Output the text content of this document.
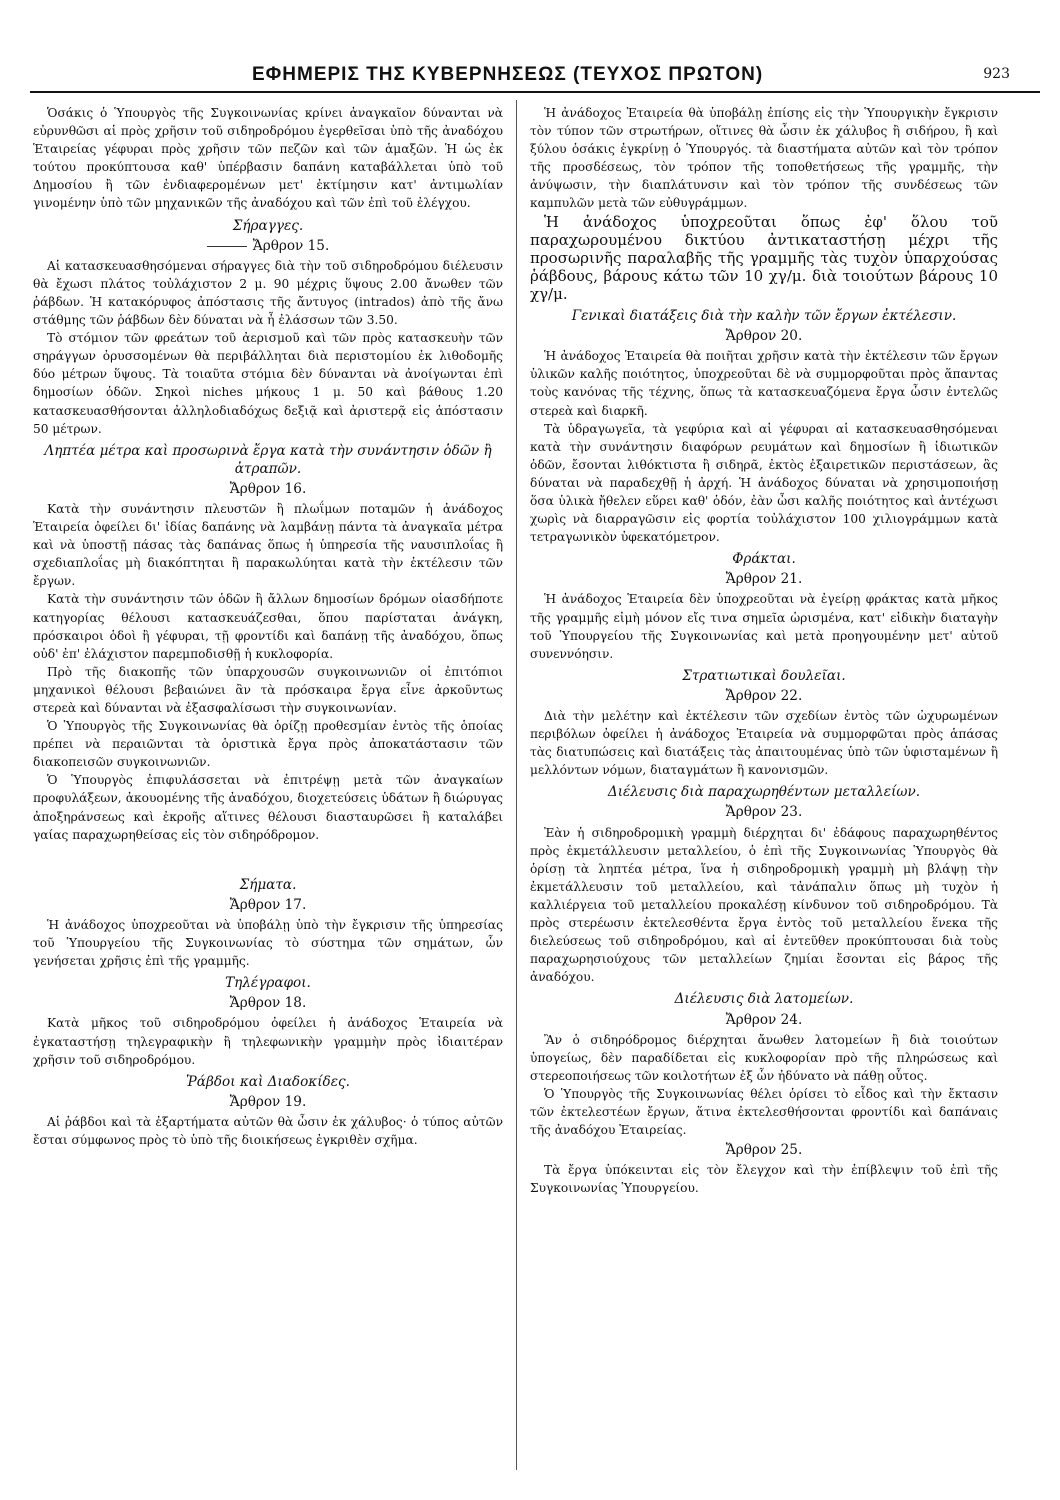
ΕΦΗΜΕΡΙΣ ΤΗΣ ΚΥΒΕΡΝΗΣΕΩΣ (ΤΕΥΧΟΣ ΠΡΩΤΟΝ)	923

Ὁσάκις ὁ Ὑπουργὸς τῆς Συγκοινωνίας κρίνει ἀναγκαῖον δύνανται νὰ εὐρυνθῶσι αἱ πρὸς χρῆσιν τοῦ σιδηροδρόμου ἐγερθεῖσαι ὑπὸ τῆς ἀναδόχου Ἑταιρείας γέφυραι πρὸς χρῆσιν τῶν πεζῶν καὶ τῶν ἁμαξῶν. Ἡ ὡς ἐκ τούτου προκύπτουσα καθ' ὑπέρβασιν δαπάνη καταβάλλεται ὑπὸ τοῦ Δημοσίου ἢ τῶν ἐνδιαφερομένων μετ' ἐκτίμησιν κατ' ἀντιμωλίαν γινομένην ὑπὸ τῶν μηχανικῶν τῆς ἀναδόχου καὶ τῶν ἐπὶ τοῦ ἐλέγχου.

Σήραγγες.
Ἄρθρον 15.

Αἱ κατασκευασθησόμεναι σήραγγες διὰ τὴν τοῦ σιδηροδρόμου διέλευσιν θὰ ἔχωσι πλάτος τοὐλάχιστον 2 μ. 90 μέχρις ὕψους 2.00 ἄνωθεν τῶν ῥάβδων. Ἡ κατακόρυφος ἀπόστασις τῆς ἄντυγος (intrados) ἀπὸ τῆς ἄνω στάθμης τῶν ῥάβδων δὲν δύναται νὰ ἦ ἐλάσσων τῶν 3.50.

Τὸ στόμιον τῶν φρεάτων τοῦ ἀερισμοῦ καὶ τῶν πρὸς κατασκευὴν τῶν σηράγγων ὀρυσσομένων θὰ περιβάλληται διὰ περιστομίου ἐκ λιθοδομῆς δύο μέτρων ὕψους. Τὰ τοιαῦτα στόμια δὲν δύνανται νὰ ἀνοίγωνται ἐπὶ δημοσίων ὁδῶν. Σηκοὶ niches μήκους 1 μ. 50 καὶ βάθους 1.20 κατασκευασθήσονται ἀλληλοδιαδόχως δεξιᾷ καὶ ἀριστερᾷ εἰς ἀπόστασιν 50 μέτρων.

Ληπτέα μέτρα καὶ προσωρινὰ ἔργα κατὰ τὴν συνάντησιν ὁδῶν ἢ ἀτραπῶν.
Ἄρθρον 16.

Κατὰ τὴν συνάντησιν πλευστῶν ἢ πλωΐμων ποταμῶν ἡ ἀνάδοχος Ἑταιρεία ὀφείλει δι' ἰδίας δαπάνης νὰ λαμβάνῃ πάντα τὰ ἀναγκαῖα μέτρα καὶ νὰ ὑποστῇ πάσας τὰς δαπάνας ὅπως ἡ ὑπηρεσία τῆς ναυσιπλοΐας ἢ σχεδιαπλοΐας μὴ διακόπτηται ἢ παρακωλύηται κατὰ τὴν ἐκτέλεσιν τῶν ἔργων.

Κατὰ τὴν συνάντησιν τῶν ὁδῶν ἢ ἄλλων δημοσίων δρόμων οἱασδήποτε κατηγορίας θέλουσι κατασκευάζεσθαι, ὅπου παρίσταται ἀνάγκη, πρόσκαιροι ὁδοὶ ἢ γέφυραι, τῇ φροντίδι καὶ δαπάνῃ τῆς ἀναδόχου, ὅπως οὐδ' ἐπ' ἐλάχιστον παρεμποδισθῇ ἡ κυκλοφορία.

Πρὸ τῆς διακοπῆς τῶν ὑπαρχουσῶν συγκοινωνιῶν οἱ ἐπιτόπιοι μηχανικοὶ θέλουσι βεβαιώνει ἂν τὰ πρόσκαιρα ἔργα εἶνε ἀρκοῦντως στερεὰ καὶ δύνανται νὰ ἐξασφαλίσωσι τὴν συγκοινωνίαν.

Ὁ Ὑπουργὸς τῆς Συγκοινωνίας θὰ ὁρίζῃ προθεσμίαν ἐντὸς τῆς ὁποίας πρέπει νὰ περαιῶνται τὰ ὁριστικὰ ἔργα πρὸς ἀποκατάστασιν τῶν διακοπεισῶν συγκοινωνιῶν.

Ὁ Ὑπουργὸς ἐπιφυλάσσεται νὰ ἐπιτρέψῃ μετὰ τῶν ἀναγκαίων προφυλάξεων, ἀκουομένης τῆς ἀναδόχου, διοχετεύσεις ὑδάτων ἢ διώρυγας ἀποξηράνσεως καὶ ἐκροῆς αἵτινες θέλουσι διασταυρῶσει ἢ καταλάβει γαίας παραχωρηθείσας εἰς τὸν σιδηρόδρομον.

Σήματα.
Ἄρθρον 17.

Ἡ ἀνάδοχος ὑποχρεοῦται νὰ ὑποβάλῃ ὑπὸ τὴν ἔγκρισιν τῆς ὑπηρεσίας τοῦ Ὑπουργείου τῆς Συγκοινωνίας τὸ σύστημα τῶν σημάτων, ὧν γενήσεται χρῆσις ἐπὶ τῆς γραμμῆς.

Τηλέγραφοι.
Ἄρθρον 18.

Κατὰ μῆκος τοῦ σιδηροδρόμου ὀφείλει ἡ ἀνάδοχος Ἑταιρεία νὰ ἐγκαταστήσῃ τηλεγραφικὴν ἢ τηλεφωνικὴν γραμμὴν πρὸς ἰδιαιτέραν χρῆσιν τοῦ σιδηροδρόμου.

Ῥάβδοι καὶ Διαδοκίδες.
Ἄρθρον 19.

Αἱ ῥάβδοι καὶ τὰ ἐξαρτήματα αὐτῶν θὰ ὦσιν ἐκ χάλυβος· ὁ τύπος αὐτῶν ἔσται σύμφωνος πρὸς τὸ ὑπὸ τῆς διοικήσεως ἐγκριθὲν σχῆμα.

Ἡ ἀνάδοχος Ἑταιρεία θὰ ὑποβάλῃ ἐπίσης εἰς τὴν Ὑπουργικὴν ἔγκρισιν τὸν τύπον τῶν στρωτήρων, οἵτινες θὰ ὦσιν ἐκ χάλυβος ἢ σιδήρου, ἢ καὶ ξύλου ὁσάκις ἐγκρίνῃ ὁ Ὑπουργός. τὰ διαστήματα αὐτῶν καὶ τὸν τρόπον τῆς προσδέσεως, τὸν τρόπον τῆς τοποθετήσεως τῆς γραμμῆς, τὴν ἀνύψωσιν, τὴν διαπλάτυνσιν καὶ τὸν τρόπον τῆς συνδέσεως τῶν καμπυλῶν μετὰ τῶν εὐθυγράμμων.

Ἡ ἀνάδοχος ὑποχρεοῦται ὅπως ἐφ' ὅλου τοῦ παραχωρουμένου δικτύου ἀντικαταστήσῃ μέχρι τῆς προσωρινῆς παραλαβῆς τῆς γραμμῆς τὰς τυχὸν ὑπαρχούσας ῥάβδους, βάρους κάτω τῶν 10 χγ/μ. διὰ τοιούτων βάρους 10 χγ/μ.

Γενικαὶ διατάξεις διὰ τὴν καλὴν τῶν ἔργων ἐκτέλεσιν.
Ἄρθρον 20.

Ἡ ἀνάδοχος Ἑταιρεία θὰ ποιῆται χρῆσιν κατὰ τὴν ἐκτέλεσιν τῶν ἔργων ὑλικῶν καλῆς ποιότητος, ὑποχρεοῦται δὲ νὰ συμμορφοῦται πρὸς ἅπαντας τοὺς κανόνας τῆς τέχνης, ὅπως τὰ κατασκευαζόμενα ἔργα ὦσιν ἐντελῶς στερεὰ καὶ διαρκῆ.

Τὰ ὑδραγωγεῖα, τὰ γεφύρια καὶ αἱ γέφυραι αἱ κατασκευασθησόμεναι κατὰ τὴν συνάντησιν διαφόρων ρευμάτων καὶ δημοσίων ἢ ἰδιωτικῶν ὁδῶν, ἔσονται λιθόκτιστα ἢ σιδηρᾶ, ἐκτὸς ἐξαιρετικῶν περιστάσεων, ἃς δύναται νὰ παραδεχθῇ ἡ ἀρχή. Ἡ ἀνάδοχος δύναται νὰ χρησιμοποιήσῃ ὅσα ὑλικὰ ἤθελεν εὕρει καθ' ὁδόν, ἐὰν ὦσι καλῆς ποιότητος καὶ ἀντέχωσι χωρὶς νὰ διαρραγῶσιν εἰς φορτία τοὐλάχιστον 100 χιλιογράμμων κατὰ τετραγωνικὸν ὑφεκατόμετρον.

Φράκται.
Ἄρθρον 21.

Ἡ ἀνάδοχος Ἑταιρεία δὲν ὑποχρεοῦται νὰ ἐγείρῃ φράκτας κατὰ μῆκος τῆς γραμμῆς εἰμὴ μόνον εἴς τινα σημεῖα ὡρισμένα, κατ' εἰδικὴν διαταγὴν τοῦ Ὑπουργείου τῆς Συγκοινωνίας καὶ μετὰ προηγουμένην μετ' αὐτοῦ συνεννόησιν.

Στρατιωτικαὶ δουλεῖαι.
Ἄρθρον 22.

Διὰ τὴν μελέτην καὶ ἐκτέλεσιν τῶν σχεδίων ἐντὸς τῶν ὠχυρωμένων περιβόλων ὀφείλει ἡ ἀνάδοχος Ἑταιρεία νὰ συμμορφῶται πρὸς ἁπάσας τὰς διατυπώσεις καὶ διατάξεις τὰς ἀπαιτουμένας ὑπὸ τῶν ὑφισταμένων ἢ μελλόντων νόμων, διαταγμάτων ἢ κανονισμῶν.

Διέλευσις διὰ παραχωρηθέντων μεταλλείων.
Ἄρθρον 23.

Ἐὰν ἡ σιδηροδρομικὴ γραμμὴ διέρχηται δι' ἐδάφους παραχωρηθέντος πρὸς ἐκμετάλλευσιν μεταλλείου, ὁ ἐπὶ τῆς Συγκοινωνίας Ὑπουργὸς θὰ ὁρίσῃ τὰ ληπτέα μέτρα, ἵνα ἡ σιδηροδρομικὴ γραμμὴ μὴ βλάψῃ τὴν ἐκμετάλλευσιν τοῦ μεταλλείου, καὶ τἀνάπαλιν ὅπως μὴ τυχὸν ἡ καλλιέργεια τοῦ μεταλλείου προκαλέσῃ κίνδυνον τοῦ σιδηροδρόμου. Τὰ πρὸς στερέωσιν ἐκτελεσθέντα ἔργα ἐντὸς τοῦ μεταλλείου ἕνεκα τῆς διελεύσεως τοῦ σιδηροδρόμου, καὶ αἱ ἐντεῦθεν προκύπτουσαι διὰ τοὺς παραχωρησιούχους τῶν μεταλλείων ζημίαι ἔσονται εἰς βάρος τῆς ἀναδόχου.

Διέλευσις διὰ λατομείων.
Ἄρθρον 24.

Ἂν ὁ σιδηρόδρομος διέρχηται ἄνωθεν λατομείων ἢ διὰ τοιούτων ὑπογείως, δὲν παραδίδεται εἰς κυκλοφορίαν πρὸ τῆς πληρώσεως καὶ στερεοποιήσεως τῶν κοιλοτήτων ἐξ ὧν ἠδύνατο νὰ πάθῃ οὗτος.

Ὁ Ὑπουργὸς τῆς Συγκοινωνίας θέλει ὁρίσει τὸ εἶδος καὶ τὴν ἔκτασιν τῶν ἐκτελεστέων ἔργων, ἅτινα ἐκτελεσθήσονται φροντίδι καὶ δαπάναις τῆς ἀναδόχου Ἑταιρείας.

Ἄρθρον 25.

Τὰ ἔργα ὑπόκεινται εἰς τὸν ἔλεγχον καὶ τὴν ἐπίβλεψιν τοῦ ἐπὶ τῆς Συγκοινωνίας Ὑπουργείου.
